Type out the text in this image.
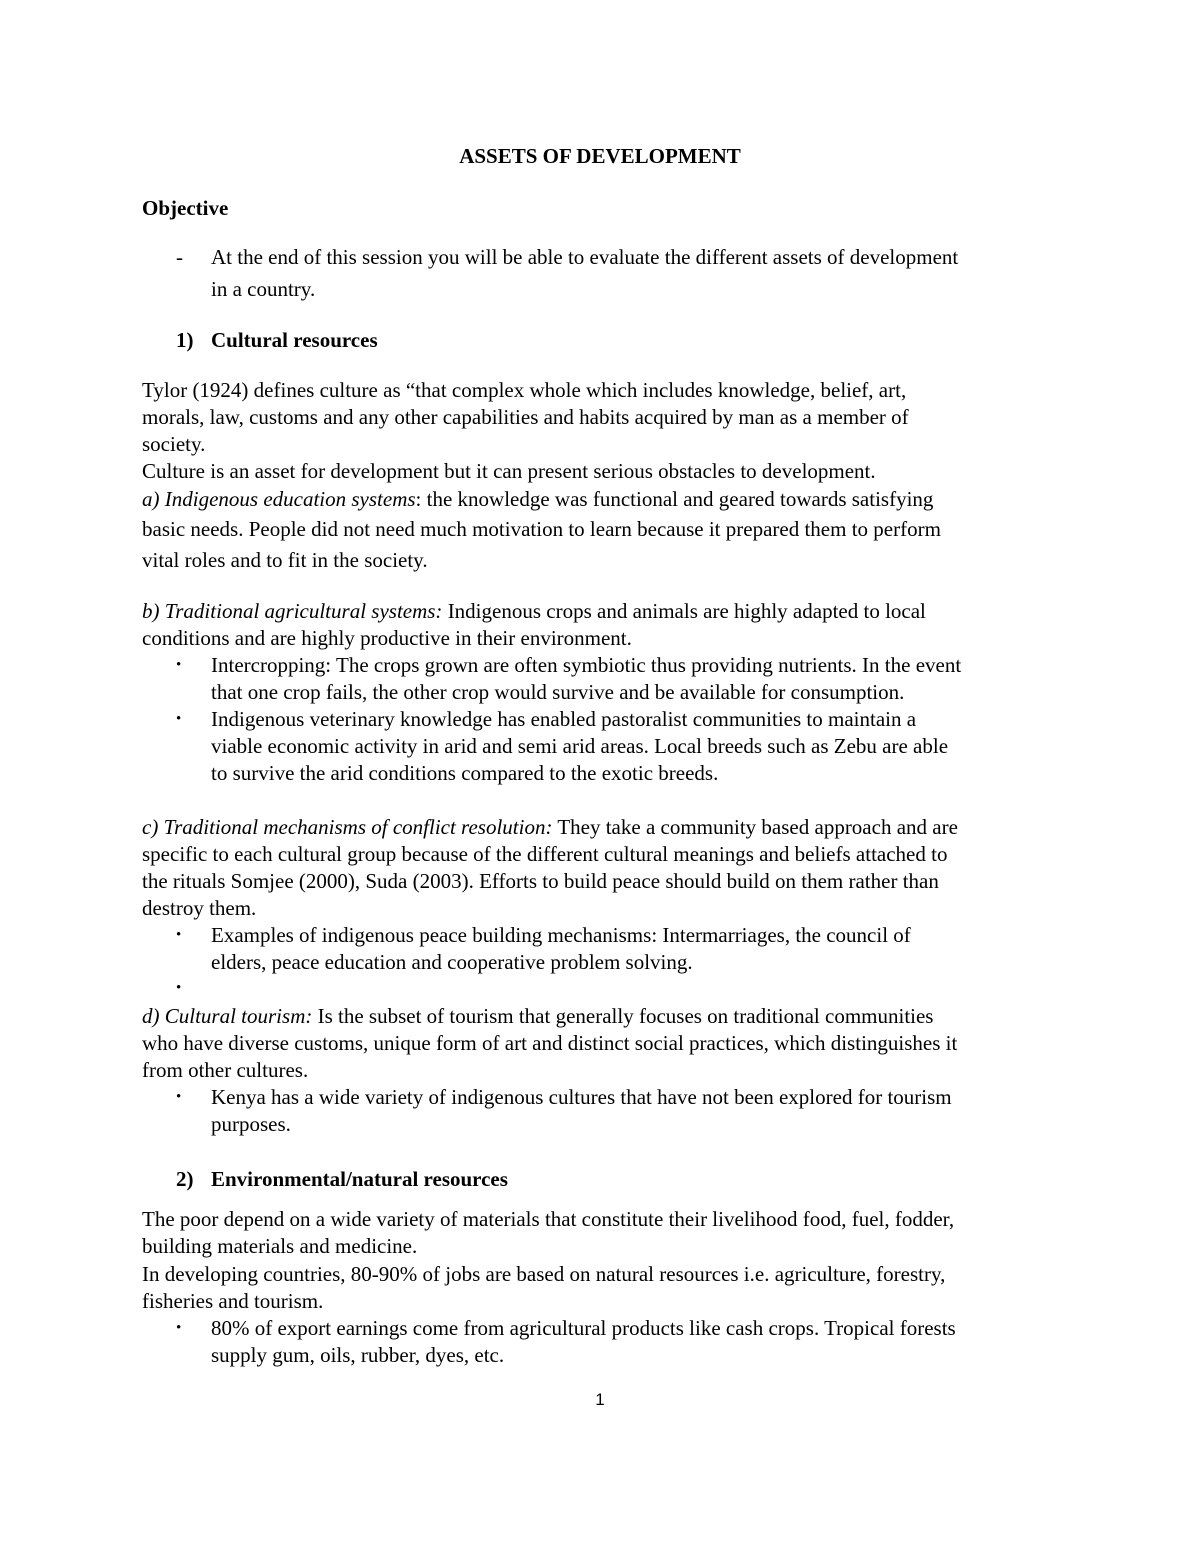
ASSETS OF DEVELOPMENT
Objective
- At the end of this session you will be able to evaluate the different assets of development
in a country.
1) Cultural resources
Tylor (1924) defines culture as “that complex whole which includes knowledge, belief, art,
morals, law, customs and any other capabilities and habits acquired by man as a member of
society.
Culture is an asset for development but it can present serious obstacles to development.
a) Indigenous education systems: the knowledge was functional and geared towards satisfying
basic needs. People did not need much motivation to learn because it prepared them to perform
vital roles and to fit in the society.
b) Traditional agricultural systems: Indigenous crops and animals are highly adapted to local
conditions and are highly productive in their environment.
• Intercropping: The crops grown are often symbiotic thus providing nutrients. In the event
that one crop fails, the other crop would survive and be available for consumption.
• Indigenous veterinary knowledge has enabled pastoralist communities to maintain a
viable economic activity in arid and semi arid areas. Local breeds such as Zebu are able
to survive the arid conditions compared to the exotic breeds.
c) Traditional mechanisms of conflict resolution: They take a community based approach and are
specific to each cultural group because of the different cultural meanings and beliefs attached to
the rituals Somjee (2000), Suda (2003). Efforts to build peace should build on them rather than
destroy them.
• Examples of indigenous peace building mechanisms: Intermarriages, the council of
elders, peace education and cooperative problem solving.
•
d) Cultural tourism: Is the subset of tourism that generally focuses on traditional communities
who have diverse customs, unique form of art and distinct social practices, which distinguishes it
from other cultures.
• Kenya has a wide variety of indigenous cultures that have not been explored for tourism
purposes.
2) Environmental/natural resources
The poor depend on a wide variety of materials that constitute their livelihood food, fuel, fodder,
building materials and medicine.
In developing countries, 80-90% of jobs are based on natural resources i.e. agriculture, forestry,
fisheries and tourism.
• 80% of export earnings come from agricultural products like cash crops. Tropical forests
supply gum, oils, rubber, dyes, etc.
1
